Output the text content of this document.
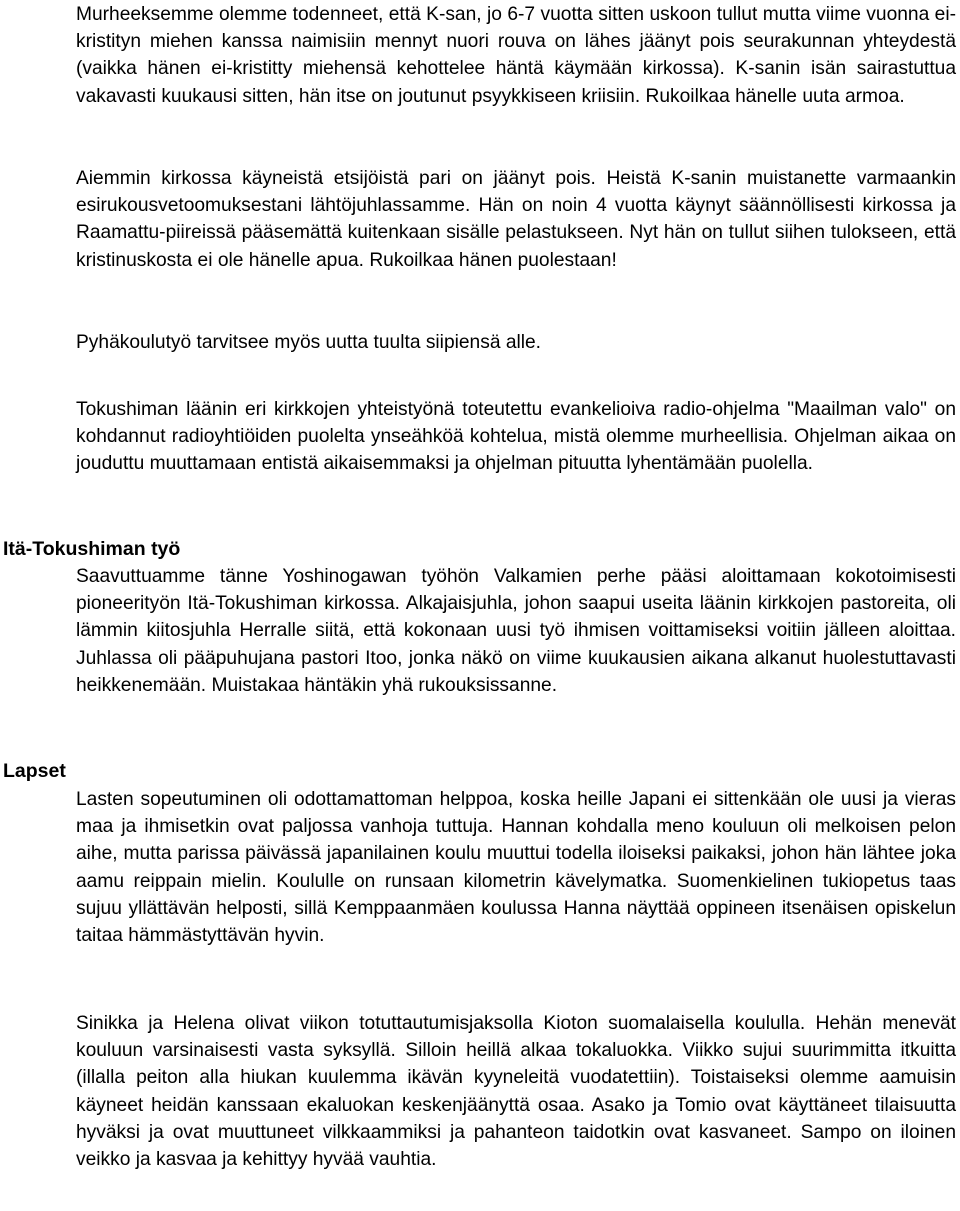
Murheeksemme olemme todenneet, että K-san, jo 6-7 vuotta sitten uskoon tullut mutta viime vuonna ei-kristityn miehen kanssa naimisiin mennyt nuori rouva on lähes jäänyt pois seurakunnan yhteydestä (vaikka hänen ei-kristitty miehensä kehottelee häntä käymään kirkossa). K-sanin isän sairastuttua vakavasti kuukausi sitten, hän itse on joutunut psyykkiseen kriisiin. Rukoilkaa hänelle uuta armoa.

Aiemmin kirkossa käyneistä etsijöistä pari on jäänyt pois. Heistä K-sanin muistanette varmaankin esirukousvetoomuksestani lähtöjuhlassamme. Hän on noin 4 vuotta käynyt säännöllisesti kirkossa ja Raamattu-piireissä pääsemättä kuitenkaan sisälle pelastukseen. Nyt hän on tullut siihen tulokseen, että kristinuskosta ei ole hänelle apua. Rukoilkaa hänen puolestaan!

Pyhäkoulutyö tarvitsee myös uutta tuulta siipiensä alle.

Tokushiman läänin eri kirkkojen yhteistyönä toteutettu evankelioiva radio-ohjelma "Maailman valo" on kohdannut radioyhtiöiden puolelta ynseähköä kohtelua, mistä olemme murheellisia. Ohjelman aikaa on jouduttu muuttamaan entistä aikaisemmaksi ja ohjelman pituutta lyhentämään puolella.

Itä-Tokushiman työ

Saavuttuamme tänne Yoshinogawan työhön Valkamien perhe pääsi aloittamaan kokotoimisesti pioneerityön Itä-Tokushiman kirkossa. Alkajaisjuhla, johon saapui useita läänin kirkkojen pastoreita, oli lämmin kiitosjuhla Herralle siitä, että kokonaan uusi työ ihmisen voittamiseksi voitiin jälleen aloittaa. Juhlassa oli pääpuhujana pastori Itoo, jonka näkö on viime kuukausien aikana alkanut huolestuttavasti heikkenemään. Muistakaa häntäkin yhä rukouksissanne.

Lapset

Lasten sopeutuminen oli odottamattoman helppoa, koska heille Japani ei sittenkään ole uusi ja vieras maa ja ihmisetkin ovat paljossa vanhoja tuttuja. Hannan kohdalla meno kouluun oli melkoisen pelon aihe, mutta parissa päivässä japanilainen koulu muuttui todella iloiseksi paikaksi, johon hän lähtee joka aamu reippain mielin. Koululle on runsaan kilometrin kävelymatka. Suomenkielinen tukiopetus taas sujuu yllättävän helposti, sillä Kemppaanmäen koulussa Hanna näyttää oppineen itsenäisen opiskelun taitaa hämmästyttävän hyvin.

Sinikka ja Helena olivat viikon totuttautumisjaksolla Kioton suomalaisella koululla. Hehän menevät kouluun varsinaisesti vasta syksyllä. Silloin heillä alkaa tokaluokka. Viikko sujui suurimmitta itkuitta (illalla peiton alla hiukan kuulemma ikävän kyyneleitä vuodatettiin). Toistaiseksi olemme aamuisin käyneet heidän kanssaan ekaluokan keskenjäänyttä osaa. Asako ja Tomio ovat käyttäneet tilaisuutta hyväksi ja ovat muuttuneet vilkkaammiksi ja pahanteon taidotkin ovat kasvaneet. Sampo on iloinen veikko ja kasvaa ja kehittyy hyvää vauhtia.
